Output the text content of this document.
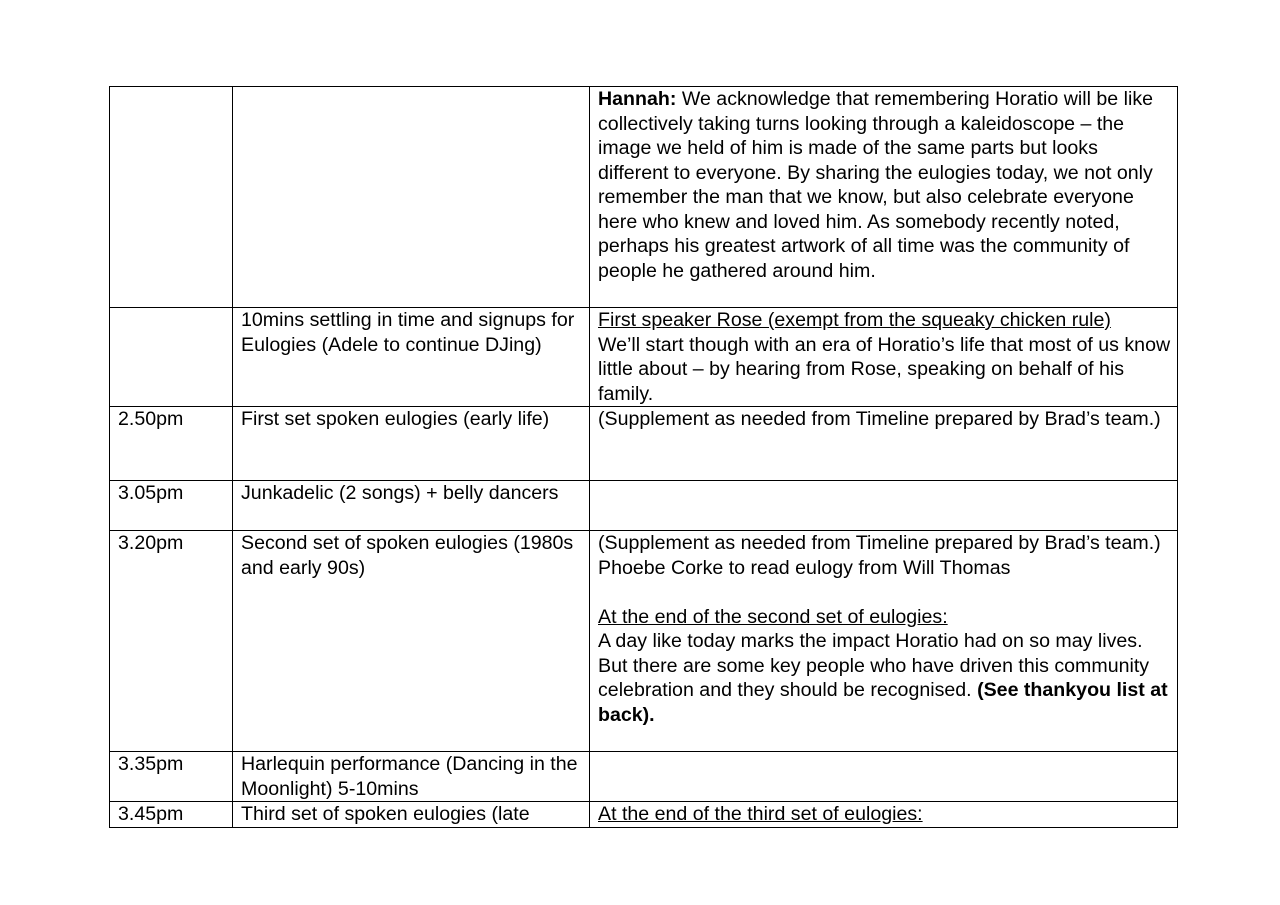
		Hannah: We acknowledge that remembering Horatio will be like collectively taking turns looking through a kaleidoscope – the image we held of him is made of the same parts but looks different to everyone. By sharing the eulogies today, we not only remember the man that we know, but also celebrate everyone here who knew and loved him. As somebody recently noted, perhaps his greatest artwork of all time was the community of people he gathered around him.
	10mins settling in time and signups for Eulogies (Adele to continue DJing)	First speaker Rose (exempt from the squeaky chicken rule)
We’ll start though with an era of Horatio’s life that most of us know little about – by hearing from Rose, speaking on behalf of his family.

2.50pm	First set spoken eulogies (early life)	(Supplement as needed from Timeline prepared by Brad’s team.)
3.05pm	Junkadelic (2 songs) + belly dancers	
3.20pm	Second set of spoken eulogies (1980s and early 90s)	(Supplement as needed from Timeline prepared by Brad’s team.)
Phoebe Corke to read eulogy from Will Thomas
At the end of the second set of eulogies:
A day like today marks the impact Horatio had on so may lives. But there are some key people who have driven this community celebration and they should be recognised. (See thankyou list at back).
3.35pm	Harlequin performance (Dancing in the Moonlight) 5-10mins	
3.45pm	Third set of spoken eulogies (late	At the end of the third set of eulogies:
